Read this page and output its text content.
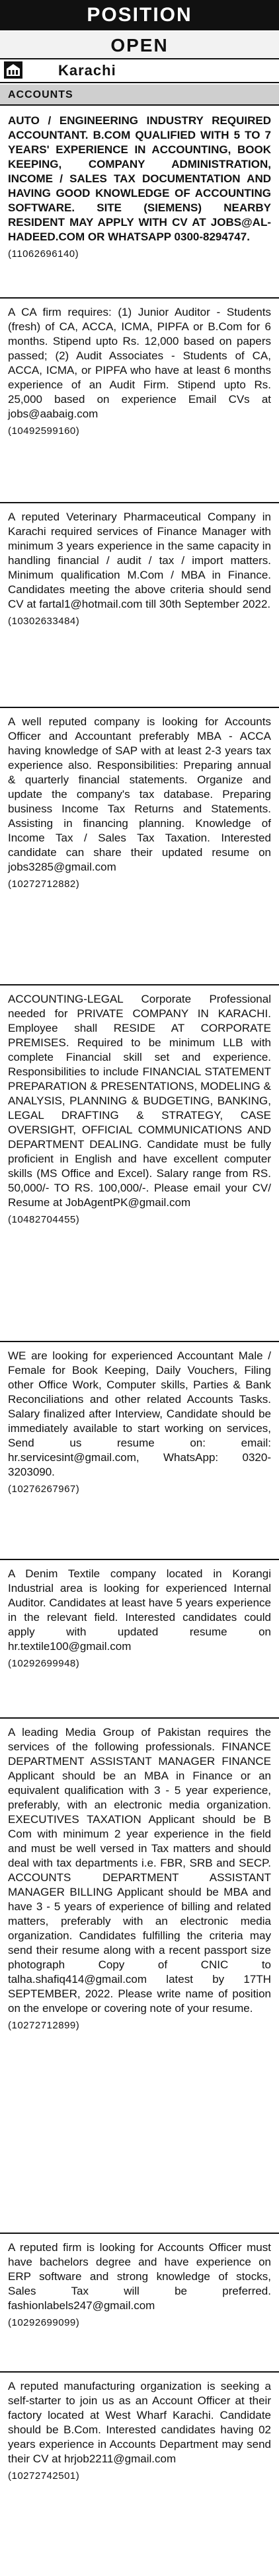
POSITION
OPEN
Karachi
ACCOUNTS
AUTO / ENGINEERING INDUSTRY REQUIRED ACCOUNTANT. B.COM QUALIFIED WITH 5 TO 7 YEARS' EXPERIENCE IN ACCOUNTING, BOOK KEEPING, COMPANY ADMINISTRATION, INCOME / SALES TAX DOCUMENTATION AND HAVING GOOD KNOWLEDGE OF ACCOUNTING SOFTWARE. SITE (SIEMENS) NEARBY RESIDENT MAY APPLY WITH CV AT JOBS@AL-HADEED.COM OR WHATSAPP 0300-8294747.
(11062696140)
A CA firm requires: (1) Junior Auditor - Students (fresh) of CA, ACCA, ICMA, PIPFA or B.Com for 6 months. Stipend upto Rs. 12,000 based on papers passed; (2) Audit Associates - Students of CA, ACCA, ICMA, or PIPFA who have at least 6 months experience of an Audit Firm. Stipend upto Rs. 25,000 based on experience Email CVs at jobs@aabaig.com
(10492599160)
A reputed Veterinary Pharmaceutical Company in Karachi required services of Finance Manager with minimum 3 years experience in the same capacity in handling financial / audit / tax / import matters. Minimum qualification M.Com / MBA in Finance. Candidates meeting the above criteria should send CV at fartal1@hotmail.com till 30th September 2022.
(10302633484)
A well reputed company is looking for Accounts Officer and Accountant preferably MBA - ACCA having knowledge of SAP with at least 2-3 years tax experience also. Responsibilities: Preparing annual & quarterly financial statements. Organize and update the company's tax database. Preparing business Income Tax Returns and Statements. Assisting in financing planning. Knowledge of Income Tax / Sales Tax Taxation. Interested candidate can share their updated resume on jobs3285@gmail.com
(10272712882)
ACCOUNTING-LEGAL Corporate Professional needed for PRIVATE COMPANY IN KARACHI. Employee shall RESIDE AT CORPORATE PREMISES. Required to be minimum LLB with complete Financial skill set and experience. Responsibilities to include FINANCIAL STATEMENT PREPARATION & PRESENTATIONS, MODELING & ANALYSIS, PLANNING & BUDGETING, BANKING, LEGAL DRAFTING & STRATEGY, CASE OVERSIGHT, OFFICIAL COMMUNICATIONS AND DEPARTMENT DEALING. Candidate must be fully proficient in English and have excellent computer skills (MS Office and Excel). Salary range from RS. 50,000/- TO RS. 100,000/-. Please email your CV/ Resume at JobAgentPK@gmail.com
(10482704455)
WE are looking for experienced Accountant Male / Female for Book Keeping, Daily Vouchers, Filing other Office Work, Computer skills, Parties & Bank Reconciliations and other related Accounts Tasks. Salary finalized after Interview, Candidate should be immediately available to start working on services, Send us resume on: email: hr.servicesint@gmail.com, WhatsApp: 0320-3203090.
(10276267967)
A Denim Textile company located in Korangi Industrial area is looking for experienced Internal Auditor. Candidates at least have 5 years experience in the relevant field. Interested candidates could apply with updated resume on hr.textile100@gmail.com
(10292699948)
A leading Media Group of Pakistan requires the services of the following professionals. FINANCE DEPARTMENT ASSISTANT MANAGER FINANCE Applicant should be an MBA in Finance or an equivalent qualification with 3 - 5 year experience, preferably, with an electronic media organization. EXECUTIVES TAXATION Applicant should be B Com with minimum 2 year experience in the field and must be well versed in Tax matters and should deal with tax departments i.e. FBR, SRB and SECP. ACCOUNTS DEPARTMENT ASSISTANT MANAGER BILLING Applicant should be MBA and have 3 - 5 years of experience of billing and related matters, preferably with an electronic media organization. Candidates fulfilling the criteria may send their resume along with a recent passport size photograph Copy of CNIC to talha.shafiq414@gmail.com latest by 17TH SEPTEMBER, 2022. Please write name of position on the envelope or covering note of your resume.
(10272712899)
A reputed firm is looking for Accounts Officer must have bachelors degree and have experience on ERP software and strong knowledge of stocks, Sales Tax will be preferred. fashionlabels247@gmail.com
(10292699099)
A reputed manufacturing organization is seeking a self-starter to join us as an Account Officer at their factory located at West Wharf Karachi. Candidate should be B.Com. Interested candidates having 02 years experience in Accounts Department may send their CV at hrjob2211@gmail.com
(10272742501)
